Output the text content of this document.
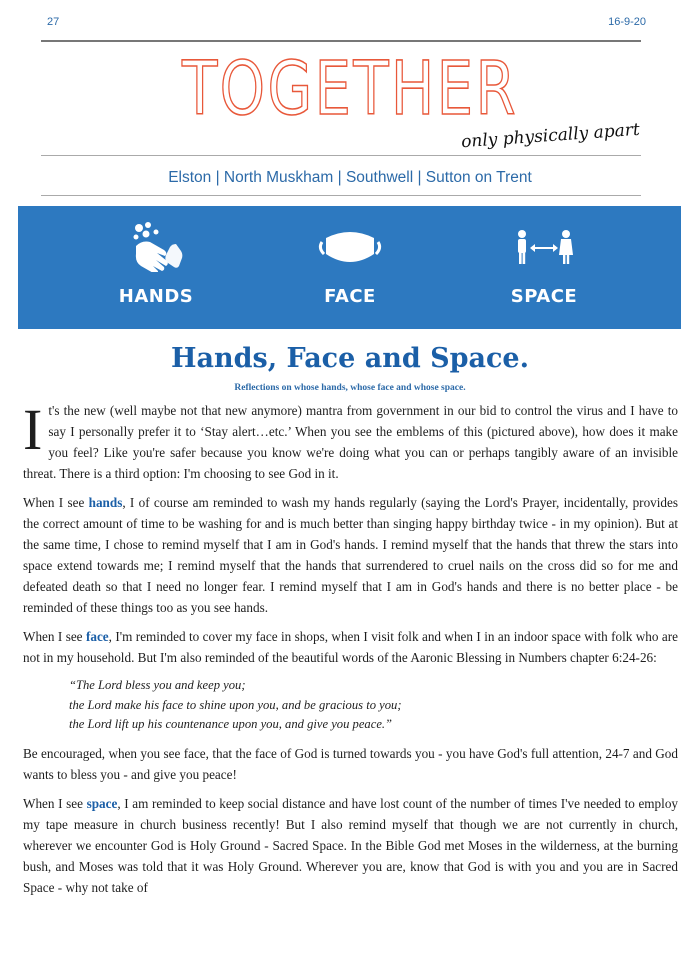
27	16-9-20
TOGETHER
only physically apart
Elston | North Muskham | Southwell | Sutton on Trent
HANDS	FACE	SPACE
Hands, Face and Space.
Reflections on whose hands, whose face and whose space.

It's the new (well maybe not that new anymore) mantra from government in our bid to control the virus and I have to say I personally prefer it to ‘Stay alert…etc.’ When you see the emblems of this (pictured above), how does it make you feel? Like you're safer because you know we're doing what you can or perhaps tangibly aware of an invisible threat. There is a third option: I'm choosing to see God in it.

When I see hands, I of course am reminded to wash my hands regularly (saying the Lord's Prayer, incidentally, provides the correct amount of time to be washing for and is much better than singing happy birthday twice - in my opinion). But at the same time, I chose to remind myself that I am in God's hands. I remind myself that the hands that threw the stars into space extend towards me; I remind myself that the hands that surrendered to cruel nails on the cross did so for me and defeated death so that I need no longer fear. I remind myself that I am in God's hands and there is no better place - be reminded of these things too as you see hands.

When I see face, I'm reminded to cover my face in shops, when I visit folk and when I in an indoor space with folk who are not in my household. But I'm also reminded of the beautiful words of the Aaronic Blessing in Numbers chapter 6:24-26:

“The Lord bless you and keep you;
the Lord make his face to shine upon you, and be gracious to you;
the Lord lift up his countenance upon you, and give you peace.”

Be encouraged, when you see face, that the face of God is turned towards you - you have God's full attention, 24-7 and God wants to bless you - and give you peace!

When I see space, I am reminded to keep social distance and have lost count of the number of times I've needed to employ my tape measure in church business recently! But I also remind myself that though we are not currently in church, wherever we encounter God is Holy Ground - Sacred Space. In the Bible God met Moses in the wilderness, at the burning bush, and Moses was told that it was Holy Ground. Wherever you are, know that God is with you and you are in Sacred Space - why not take of
